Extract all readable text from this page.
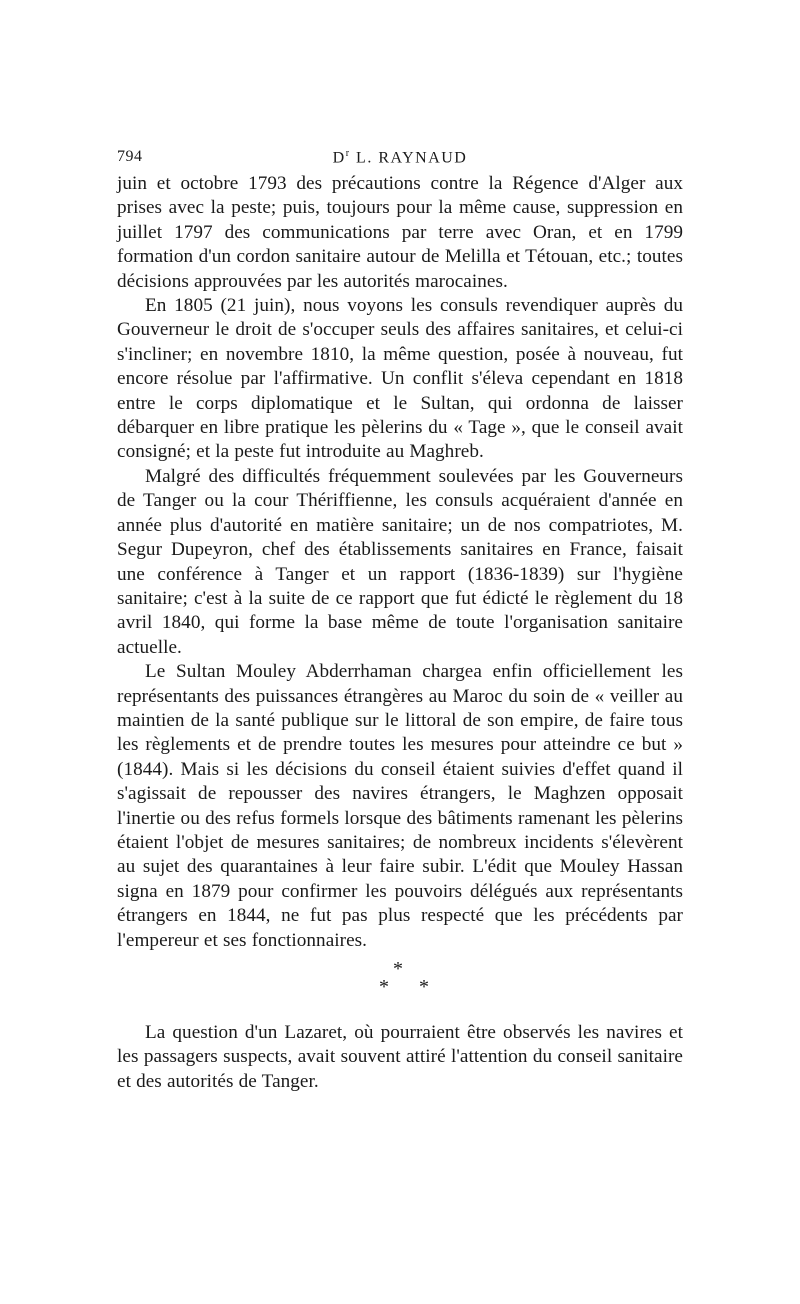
794	$D^r$ L. RAYNAUD

juin et octobre 1793 des précautions contre la Régence d'Alger aux prises avec la peste; puis, toujours pour la même cause, suppression en juillet 1797 des communications par terre avec Oran, et en 1799 formation d'un cordon sanitaire autour de Melilla et Tétouan, etc.; toutes décisions approuvées par les autorités marocaines.

En 1805 (21 juin), nous voyons les consuls revendiquer auprès du Gouverneur le droit de s'occuper seuls des affaires sanitaires, et celui-ci s'incliner; en novembre 1810, la même question, posée à nouveau, fut encore résolue par l'affirmative. Un conflit s'éleva cependant en 1818 entre le corps diplomatique et le Sultan, qui ordonna de laisser débarquer en libre pratique les pèlerins du « Tage », que le conseil avait consigné; et la peste fut introduite au Maghreb.

Malgré des difficultés fréquemment soulevées par les Gouverneurs de Tanger ou la cour Thériffienne, les consuls acquéraient d'année en année plus d'autorité en matière sanitaire; un de nos compatriotes, M. Segur Dupeyron, chef des établissements sanitaires en France, faisait une conférence à Tanger et un rapport (1836-1839) sur l'hygiène sanitaire; c'est à la suite de ce rapport que fut édicté le règlement du 18 avril 1840, qui forme la base même de toute l'organisation sanitaire actuelle.

Le Sultan Mouley Abderrhaman chargea enfin officiellement les représentants des puissances étrangères au Maroc du soin de « veiller au maintien de la santé publique sur le littoral de son empire, de faire tous les règlements et de prendre toutes les mesures pour atteindre ce but » (1844). Mais si les décisions du conseil étaient suivies d'effet quand il s'agissait de repousser des navires étrangers, le Maghzen opposait l'inertie ou des refus formels lorsque des bâtiments ramenant les pèlerins étaient l'objet de mesures sanitaires; de nombreux incidents s'élevèrent au sujet des quarantaines à leur faire subir. L'édit que Mouley Hassan signa en 1879 pour confirmer les pouvoirs délégués aux représentants étrangers en 1844, ne fut pas plus respecté que les précédents par l'empereur et ses fonctionnaires.

*
* *

La question d'un Lazaret, où pourraient être observés les navires et les passagers suspects, avait souvent attiré l'attention du conseil sanitaire et des autorités de Tanger.
